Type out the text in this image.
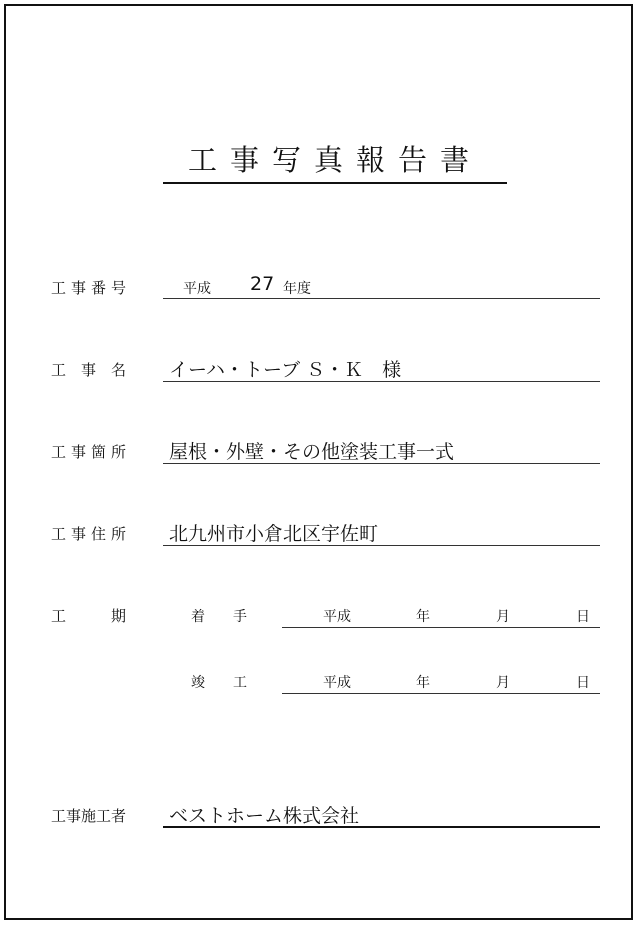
工事写真報告書
工事番号	平成 27 年度
工　事　名 イーハ・トーブ Ｓ・Ｋ　様
工事箇所 屋根・外壁・その他塗装工事一式
工事住所 北九州市小倉北区宇佐町
工　　　期	着　　手	平成	年	月	日
竣　　工	平成	年	月	日
工事施工者 ベストホーム株式会社
